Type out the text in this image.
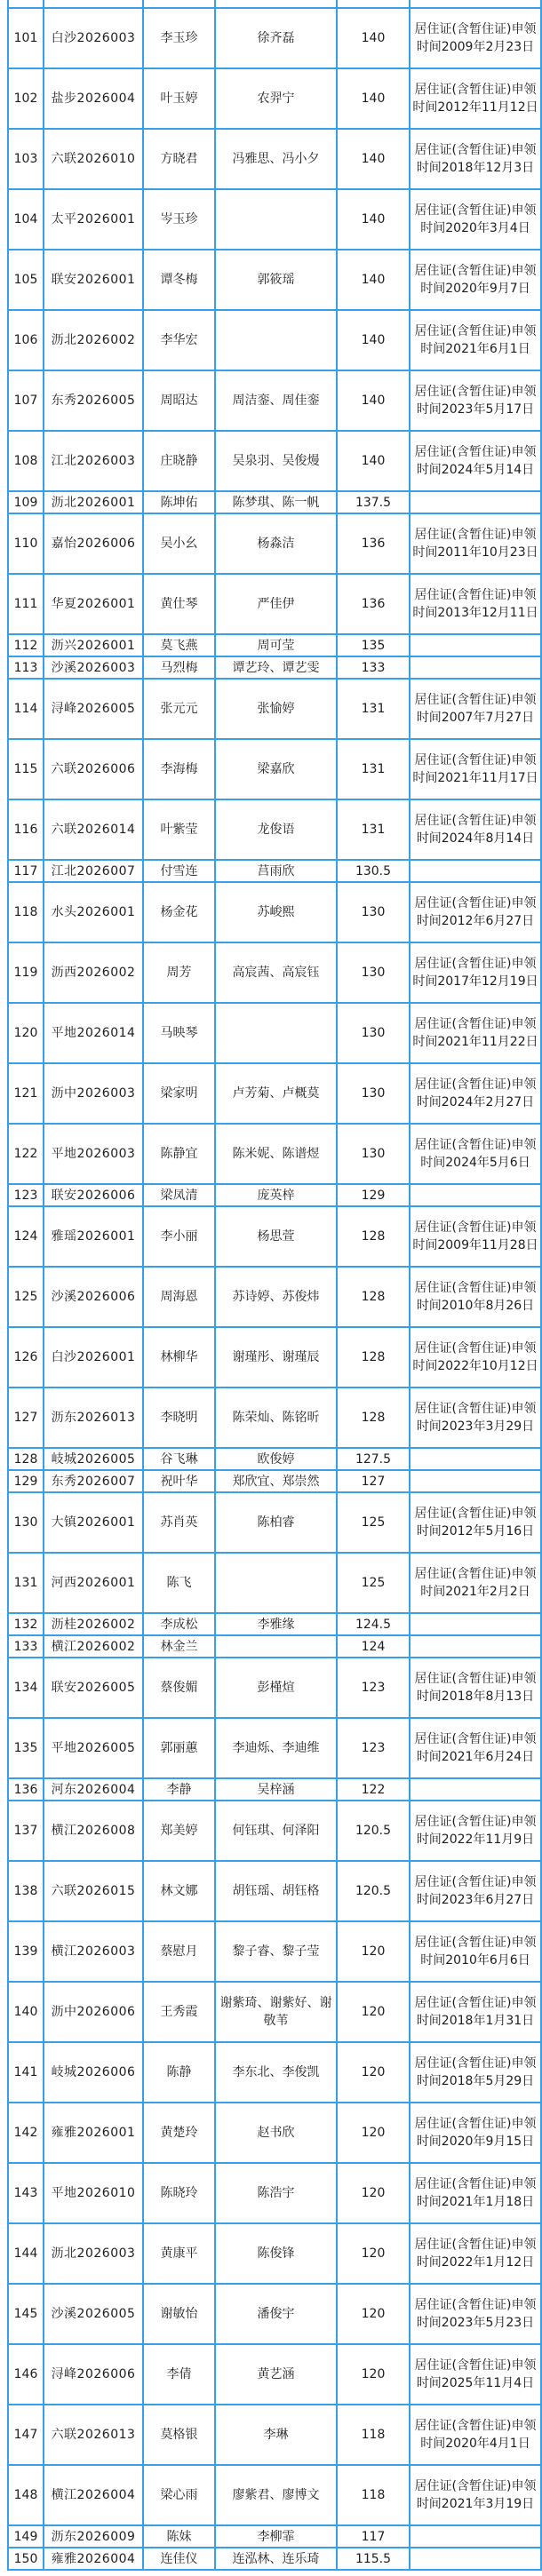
101	白沙2026003	李玉珍	徐齐磊	140	居住证(含暂住证)申领时间2009年2月23日
102	盐步2026004	叶玉婷	农羿宁	140	居住证(含暂住证)申领时间2012年11月12日
103	六联2026010	方晓君	冯雅思、冯小夕	140	居住证(含暂住证)申领时间2018年12月3日
104	太平2026001	岑玉珍		140	居住证(含暂住证)申领时间2020年3月4日
105	联安2026001	谭冬梅	郭筱瑶	140	居住证(含暂住证)申领时间2020年9月7日
106	沥北2026002	李华宏		140	居住证(含暂住证)申领时间2021年6月1日
107	东秀2026005	周昭达	周洁銮、周佳銮	140	居住证(含暂住证)申领时间2023年5月17日
108	江北2026003	庄晓静	吴泉羽、吴俊熳	140	居住证(含暂住证)申领时间2024年5月14日
109	沥北2026001	陈坤佑	陈梦琪、陈一帆	137.5	
110	嘉怡2026006	吴小幺	杨淼洁	136	居住证(含暂住证)申领时间2011年10月23日
111	华夏2026001	黄仕琴	严佳伊	136	居住证(含暂住证)申领时间2013年12月11日
112	沥兴2026001	莫飞燕	周可莹	135	
113	沙溪2026003	马烈梅	谭艺玲、谭艺雯	133	
114	浔峰2026005	张元元	张愉婷	131	居住证(含暂住证)申领时间2007年7月27日
115	六联2026006	李海梅	梁嘉欣	131	居住证(含暂住证)申领时间2021年11月17日
116	六联2026014	叶紫莹	龙俊语	131	居住证(含暂住证)申领时间2024年8月14日
117	江北2026007	付雪连	莒雨欣	130.5	
118	水头2026001	杨金花	苏峻熙	130	居住证(含暂住证)申领时间2012年6月27日
119	沥西2026002	周芳	高宸茜、高宸钰	130	居住证(含暂住证)申领时间2017年12月19日
120	平地2026014	马映琴		130	居住证(含暂住证)申领时间2021年11月22日
121	沥中2026003	梁家明	卢芳菊、卢概莫	130	居住证(含暂住证)申领时间2024年2月27日
122	平地2026003	陈静宜	陈米妮、陈谱煜	130	居住证(含暂住证)申领时间2024年5月6日
123	联安2026006	梁凤清	庞英梓	129	
124	雅瑶2026001	李小丽	杨思萱	128	居住证(含暂住证)申领时间2009年11月28日
125	沙溪2026006	周海恩	苏诗婷、苏俊炜	128	居住证(含暂住证)申领时间2010年8月26日
126	白沙2026001	林柳华	谢瑾彤、谢瑾辰	128	居住证(含暂住证)申领时间2022年10月12日
127	沥东2026013	李晓明	陈荣灿、陈铭昕	128	居住证(含暂住证)申领时间2023年3月29日
128	岐城2026005	谷飞琳	欧俊婷	127.5	
129	东秀2026007	祝叶华	郑欣宜、郑崇然	127	
130	大镇2026001	苏肖英	陈柏睿	125	居住证(含暂住证)申领时间2012年5月16日
131	河西2026001	陈飞		125	居住证(含暂住证)申领时间2021年2月2日
132	沥桂2026002	李成松	李雅缘	124.5	
133	横江2026002	林金兰		124	
134	联安2026005	蔡俊媚	彭槿煊	123	居住证(含暂住证)申领时间2018年8月13日
135	平地2026005	郭丽蕙	李迪烁、李迪维	123	居住证(含暂住证)申领时间2021年6月24日
136	河东2026004	李静	吴梓涵	122	
137	横江2026008	郑美婷	何钰琪、何泽阳	120.5	居住证(含暂住证)申领时间2022年11月9日
138	六联2026015	林文娜	胡钰瑶、胡钰格	120.5	居住证(含暂住证)申领时间2023年6月27日
139	横江2026003	蔡慰月	黎子睿、黎子莹	120	居住证(含暂住证)申领时间2010年6月6日
140	沥中2026006	王秀霞	谢紫琦、谢紫好、谢敬苇	120	居住证(含暂住证)申领时间2018年1月31日
141	岐城2026006	陈静	李东北、李俊凯	120	居住证(含暂住证)申领时间2018年5月29日
142	雍雅2026001	黄楚玲	赵书欣	120	居住证(含暂住证)申领时间2020年9月15日
143	平地2026010	陈晓玲	陈浩宇	120	居住证(含暂住证)申领时间2021年1月18日
144	沥北2026003	黄康平	陈俊锋	120	居住证(含暂住证)申领时间2022年1月12日
145	沙溪2026005	谢敏怡	潘俊宇	120	居住证(含暂住证)申领时间2023年5月23日
146	浔峰2026006	李倩	黄艺涵	120	居住证(含暂住证)申领时间2025年11月4日
147	六联2026013	莫格银	李琳	118	居住证(含暂住证)申领时间2020年4月1日
148	横江2026004	梁心雨	廖紫君、廖博文	118	居住证(含暂住证)申领时间2021年3月19日
149	沥东2026009	陈妹	李柳霏	117	
150	雍雅2026004	连佳仪	连泓林、连乐琦	115.5	
